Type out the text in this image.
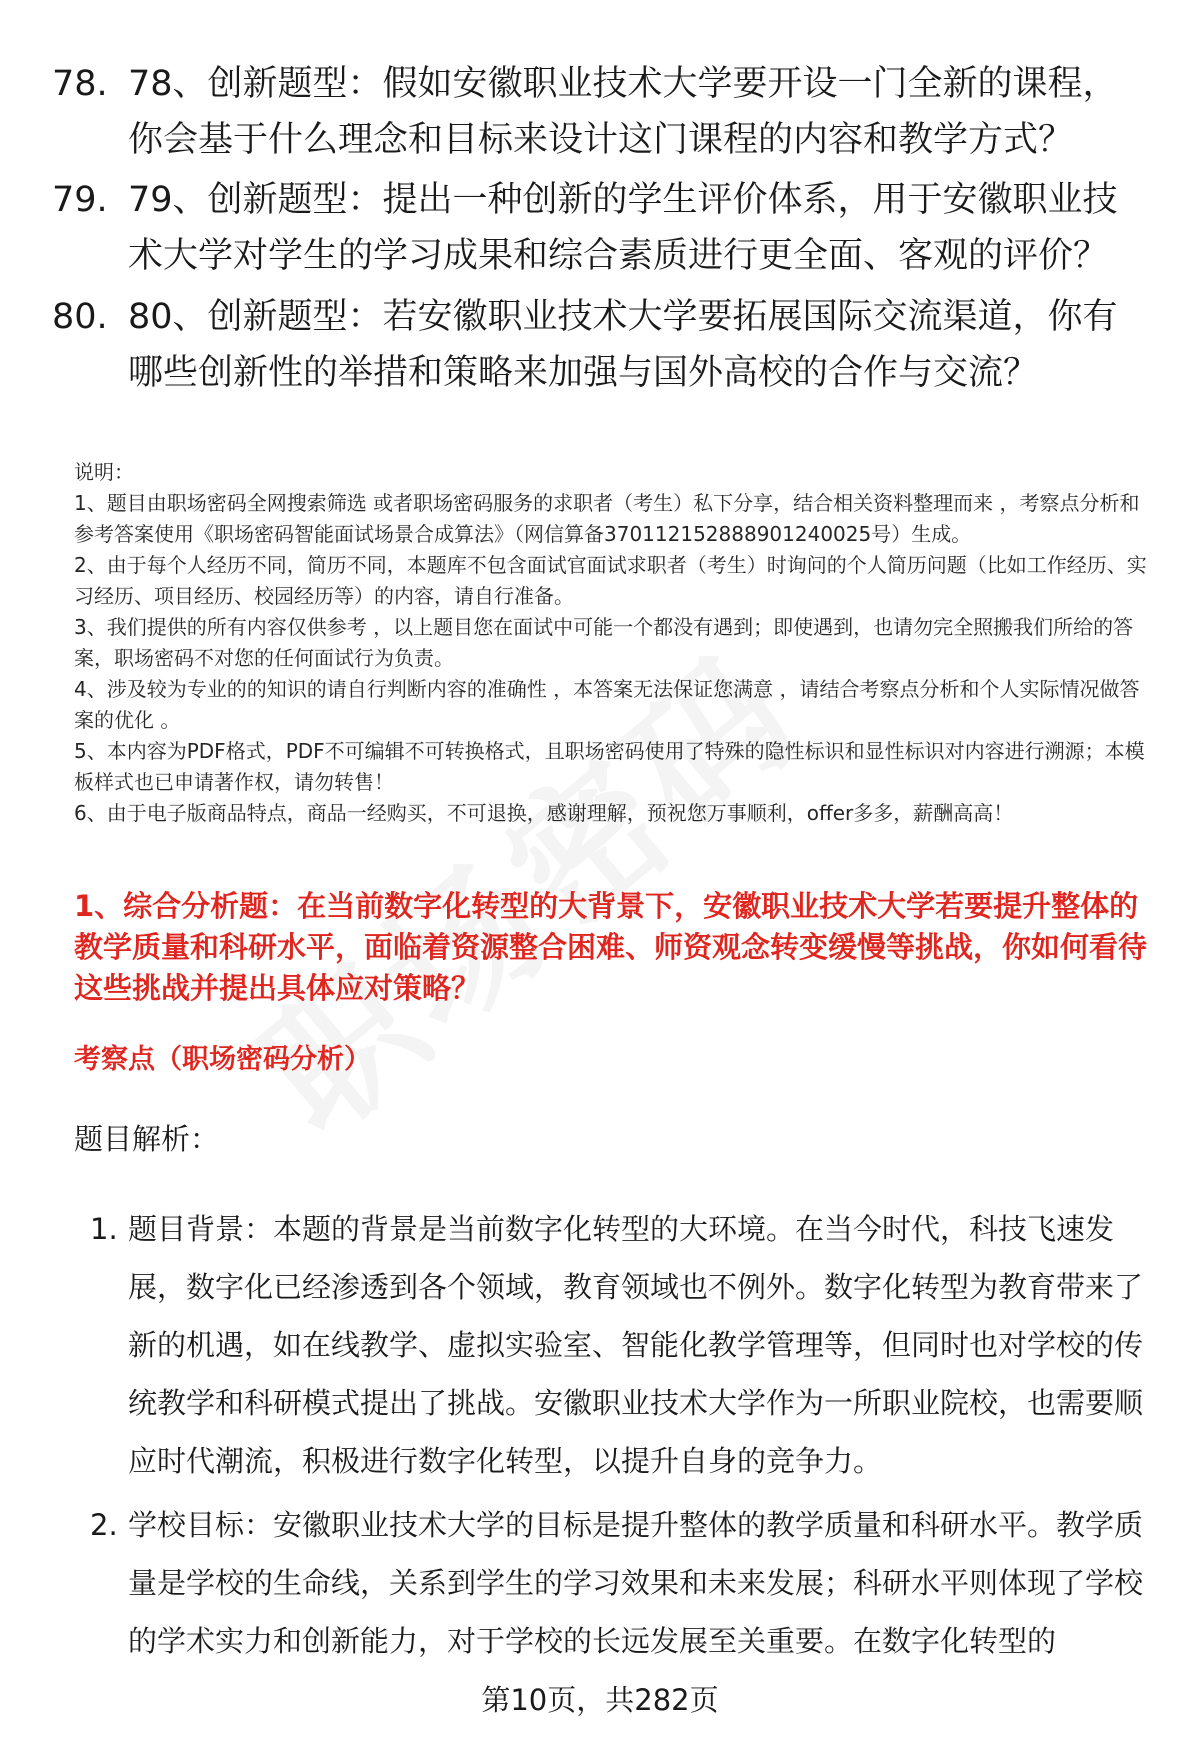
78. 78、创新题型：假如安徽职业技术大学要开设一门全新的课程，你会基于什么理念和目标来设计这门课程的内容和教学方式？
79. 79、创新题型：提出一种创新的学生评价体系，用于安徽职业技术大学对学生的学习成果和综合素质进行更全面、客观的评价？
80. 80、创新题型：若安徽职业技术大学要拓展国际交流渠道，你有哪些创新性的举措和策略来加强与国外高校的合作与交流？

说明：

1、题目由职场密码全网搜索筛选 或者职场密码服务的求职者（考生）私下分享，结合相关资料整理而来 ，考察点分析和参考答案使用《职场密码智能面试场景合成算法》（网信算备370112152888901240025号）生成。

2、由于每个人经历不同，简历不同，本题库不包含面试官面试求职者（考生）时询问的个人简历问题（比如工作经历、实习经历、项目经历、校园经历等）的内容，请自行准备。

3、我们提供的所有内容仅供参考 ，以上题目您在面试中可能一个都没有遇到；即使遇到，也请勿完全照搬我们所给的答案，职场密码不对您的任何面试行为负责。

4、涉及较为专业的的知识的请自行判断内容的准确性 ，本答案无法保证您满意 ，请结合考察点分析和个人实际情况做答案的优化 。

5、本内容为PDF格式，PDF不可编辑不可转换格式，且职场密码使用了特殊的隐性标识和显性标识对内容进行溯源；本模板样式也已申请著作权，请勿转售！

6、由于电子版商品特点，商品一经购买，不可退换，感谢理解，预祝您万事顺利，offer多多，薪酬高高！

1、综合分析题：在当前数字化转型的大背景下，安徽职业技术大学若要提升整体的教学质量和科研水平，面临着资源整合困难、师资观念转变缓慢等挑战，你如何看待这些挑战并提出具体应对策略？
考察点（职场密码分析）
题目解析：
1. 题目背景：本题的背景是当前数字化转型的大环境。在当今时代，科技飞速发展，数字化已经渗透到各个领域，教育领域也不例外。数字化转型为教育带来了新的机遇，如在线教学、虚拟实验室、智能化教学管理等，但同时也对学校的传统教学和科研模式提出了挑战。安徽职业技术大学作为一所职业院校，也需要顺应时代潮流，积极进行数字化转型，以提升自身的竞争力。
2. 学校目标：安徽职业技术大学的目标是提升整体的教学质量和科研水平。教学质量是学校的生命线，关系到学生的学习效果和未来发展；科研水平则体现了学校的学术实力和创新能力，对于学校的长远发展至关重要。在数字化转型的
第10页，共282页
